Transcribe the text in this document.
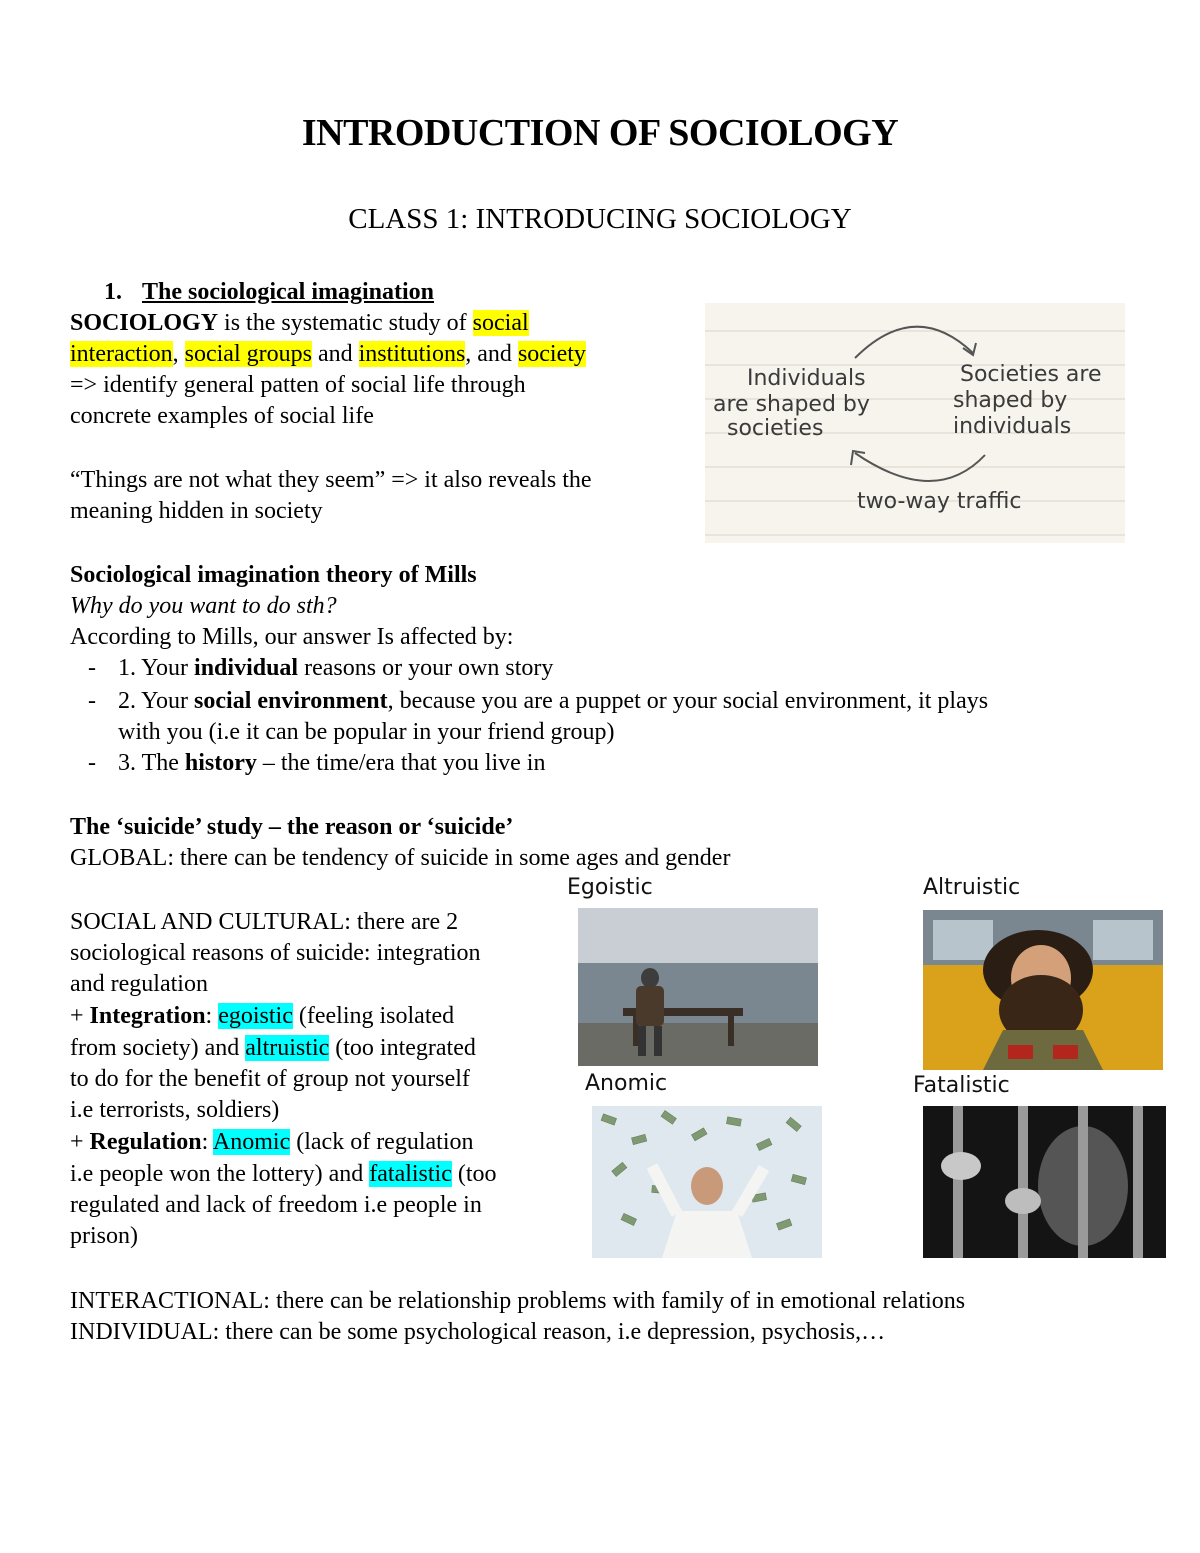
INTRODUCTION OF SOCIOLOGY
CLASS 1: INTRODUCING SOCIOLOGY
1. The sociological imagination
SOCIOLOGY is the systematic study of social
interaction, social groups and institutions, and society
=> identify general patten of social life through
concrete examples of social life
“Things are not what they seem” => it also reveals the
meaning hidden in society
Individuals
are shaped by
societies
Societies are
shaped by
individuals
two-way traffic
Sociological imagination theory of Mills
Why do you want to do sth?
According to Mills, our answer Is affected by:
- 1. Your individual reasons or your own story
- 2. Your social environment, because you are a puppet or your social environment, it plays
with you (i.e it can be popular in your friend group)
- 3. The history – the time/era that you live in
The ‘suicide’ study – the reason or ‘suicide’
GLOBAL: there can be tendency of suicide in some ages and gender
SOCIAL AND CULTURAL: there are 2
sociological reasons of suicide: integration
and regulation
+ Integration: egoistic (feeling isolated
from society) and altruistic (too integrated
to do for the benefit of group not yourself
i.e terrorists, soldiers)
+ Regulation: Anomic (lack of regulation
i.e people won the lottery) and fatalistic (too
regulated and lack of freedom i.e people in
prison)
INTERACTIONAL: there can be relationship problems with family of in emotional relations
INDIVIDUAL: there can be some psychological reason, i.e depression, psychosis,…
Egoistic	Altruistic
Anomic	Fatalistic
